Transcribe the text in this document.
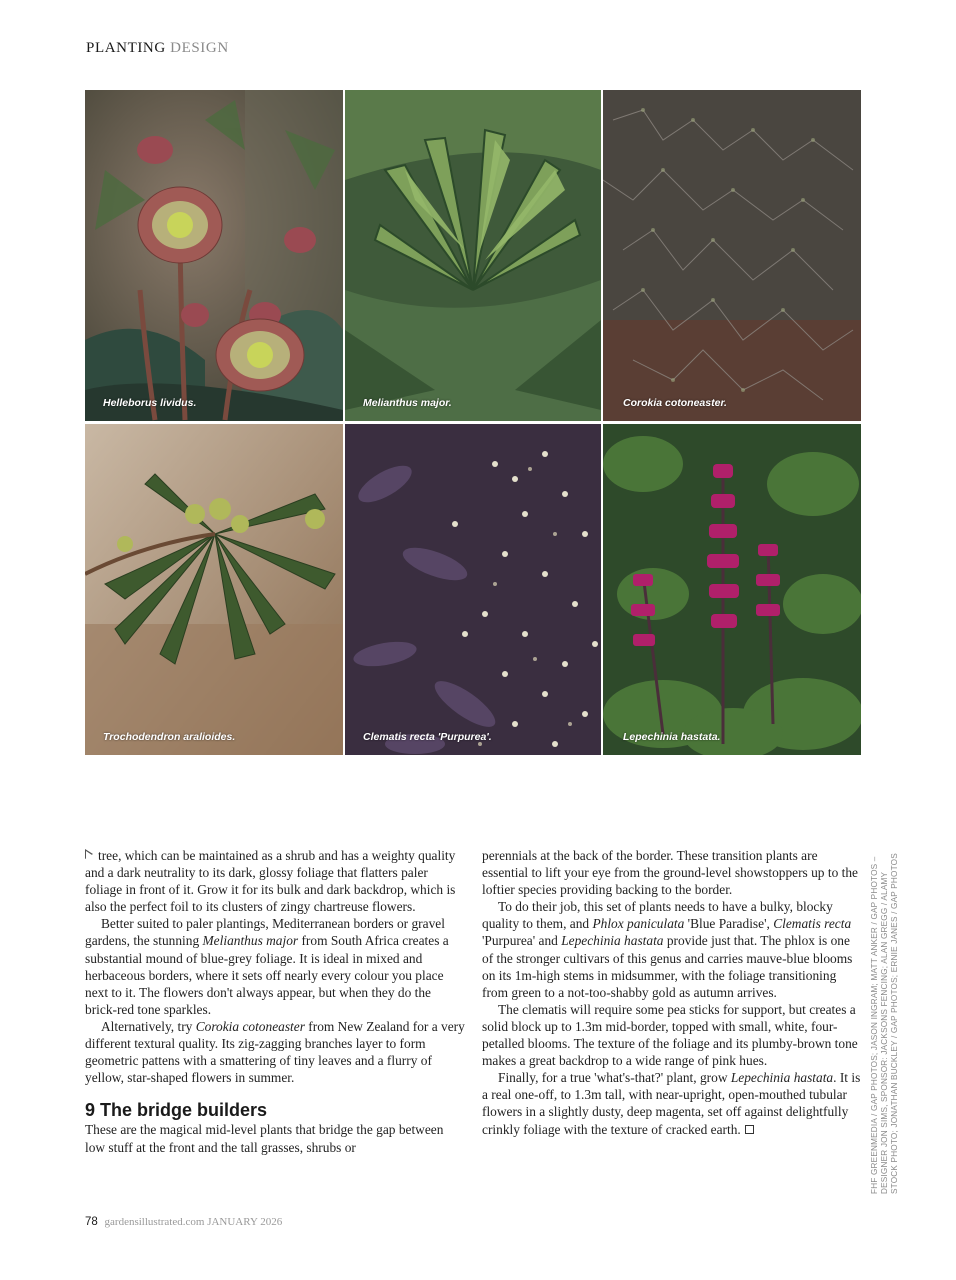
PLANTING DESIGN
Helleborus lividus.	Melianthus major.	Corokia cotoneaster.
Trochodendron aralioides.	Clematis recta 'Purpurea'.	Lepechinia hastata.

tree, which can be maintained as a shrub and has a weighty quality and a dark neutrality to its dark, glossy foliage that flatters paler foliage in front of it. Grow it for its bulk and dark backdrop, which is also the perfect foil to its clusters of zingy chartreuse flowers.

Better suited to paler plantings, Mediterranean borders or gravel gardens, the stunning Melianthus major from South Africa creates a substantial mound of blue-grey foliage. It is ideal in mixed and herbaceous borders, where it sets off nearly every colour you place next to it. The flowers don't always appear, but when they do the brick-red tone sparkles.

Alternatively, try Corokia cotoneaster from New Zealand for a very different textural quality. Its zig-zagging branches layer to form geometric pattens with a smattering of tiny leaves and a flurry of yellow, star-shaped flowers in summer.

9 The bridge builders

These are the magical mid-level plants that bridge the gap between low stuff at the front and the tall grasses, shrubs or

perennials at the back of the border. These transition plants are essential to lift your eye from the ground-level showstoppers up to the loftier species providing backing to the border.

To do their job, this set of plants needs to have a bulky, blocky quality to them, and Phlox paniculata 'Blue Paradise', Clematis recta 'Purpurea' and Lepechinia hastata provide just that. The phlox is one of the stronger cultivars of this genus and carries mauve-blue blooms on its 1m-high stems in midsummer, with the foliage transitioning from green to a not-too-shabby gold as autumn arrives.

The clematis will require some pea sticks for support, but creates a solid block up to 1.3m mid-border, topped with small, white, four-petalled blooms. The texture of the foliage and its plumby-brown tone makes a great backdrop to a wide range of pink hues.

Finally, for a true 'what's-that?' plant, grow Lepechinia hastata. It is a real one-off, to 1.3m tall, with near-upright, open-mouthed tubular flowers in a slightly dusty, deep magenta, set off against delightfully crinkly foliage with the texture of cracked earth.	FHF GREENMEDIA / GAP PHOTOS; JASON INGRAM; MATT ANKER / GAP PHOTOS – DESIGNER JON SIMS, SPONSOR: JACKSONS FENCING; ALAN GREGG / ALAMY STOCK PHOTO; JONATHAN BUCKLEY / GAP PHOTOS; ERNIE JANES / GAP PHOTOS
78 gardensillustrated.com JANUARY 2026
